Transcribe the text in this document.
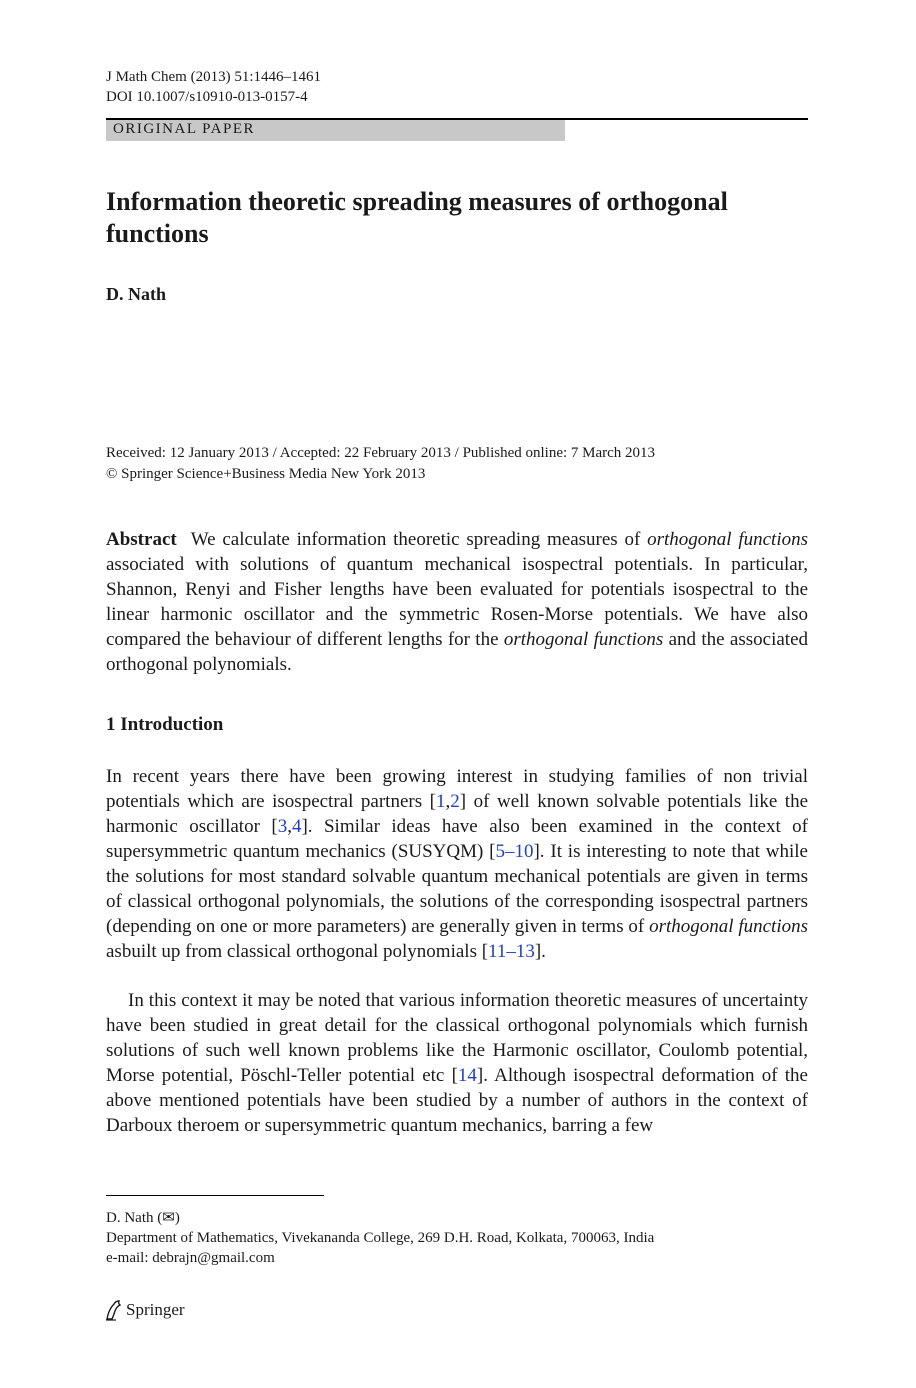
J Math Chem (2013) 51:1446–1461
DOI 10.1007/s10910-013-0157-4
ORIGINAL PAPER
Information theoretic spreading measures of orthogonal functions
D. Nath
Received: 12 January 2013 / Accepted: 22 February 2013 / Published online: 7 March 2013
© Springer Science+Business Media New York 2013
Abstract We calculate information theoretic spreading measures of orthogonal functions associated with solutions of quantum mechanical isospectral potentials. In particular, Shannon, Renyi and Fisher lengths have been evaluated for potentials isospectral to the linear harmonic oscillator and the symmetric Rosen-Morse potentials. We have also compared the behaviour of different lengths for the orthogonal functions and the associated orthogonal polynomials.
1 Introduction
In recent years there have been growing interest in studying families of non trivial potentials which are isospectral partners [1,2] of well known solvable potentials like the harmonic oscillator [3,4]. Similar ideas have also been examined in the context of supersymmetric quantum mechanics (SUSYQM) [5–10]. It is interesting to note that while the solutions for most standard solvable quantum mechanical potentials are given in terms of classical orthogonal polynomials, the solutions of the corresponding isospectral partners (depending on one or more parameters) are generally given in terms of orthogonal functions asbuilt up from classical orthogonal polynomials [11–13].
In this context it may be noted that various information theoretic measures of uncertainty have been studied in great detail for the classical orthogonal polynomials which furnish solutions of such well known problems like the Harmonic oscillator, Coulomb potential, Morse potential, Pöschl-Teller potential etc [14]. Although isospectral deformation of the above mentioned potentials have been studied by a number of authors in the context of Darboux theroem or supersymmetric quantum mechanics, barring a few
D. Nath (✉)
Department of Mathematics, Vivekananda College, 269 D.H. Road, Kolkata, 700063, India
e-mail: debrajn@gmail.com
Springer
